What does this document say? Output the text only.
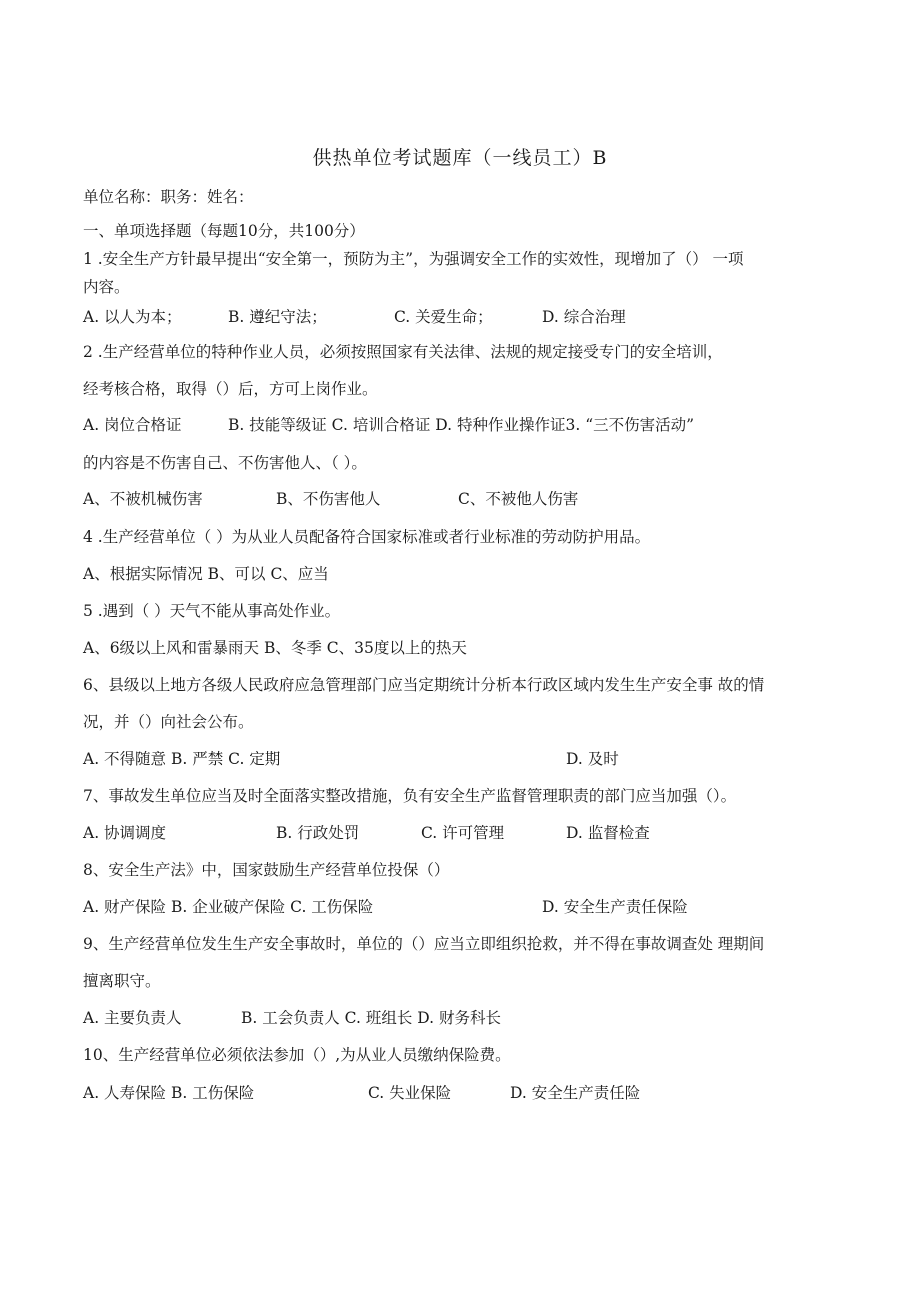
供热单位考试题库（一线员工）B
单位名称：职务：姓名：
一、单项选择题（每题10分，共100分）
1 .安全生产方针最早提出“安全第一，预防为主”，为强调安全工作的实效性，现增加了（） 一项
内容。
A. 以人为本；	B. 遵纪守法；	C. 关爱生命；	D. 综合治理
2 .生产经营单位的特种作业人员，必须按照国家有关法律、法规的规定接受专门的安全培训，
经考核合格，取得（）后，方可上岗作业。
A. 岗位合格证	B. 技能等级证 C. 培训合格证 D. 特种作业操作证3. “三不伤害活动”
的内容是不伤害自己、不伤害他人、（ ）。
A、不被机械伤害	B、不伤害他人	C、不被他人伤害
4 .生产经营单位（ ）为从业人员配备符合国家标准或者行业标准的劳动防护用品。
A、根据实际情况 B、可以 C、应当
5 .遇到（ ）天气不能从事高处作业。
A、6级以上风和雷暴雨天 B、冬季 C、35度以上的热天
6、县级以上地方各级人民政府应急管理部门应当定期统计分析本行政区域内发生生产安全事 故的情
况，并（）向社会公布。
A. 不得随意 B. 严禁 C. 定期	D. 及时
7、事故发生单位应当及时全面落实整改措施，负有安全生产监督管理职责的部门应当加强（）。
A. 协调调度	B. 行政处罚	C. 许可管理	D. 监督检查
8、安全生产法》中，国家鼓励生产经营单位投保（）
A. 财产保险 B. 企业破产保险 C. 工伤保险	D. 安全生产责任保险
9、生产经营单位发生生产安全事故时，单位的（）应当立即组织抢救，并不得在事故调查处 理期间
擅离职守。
A. 主要负责人	B. 工会负责人 C. 班组长 D. 财务科长
10、生产经营单位必须依法参加（）,为从业人员缴纳保险费。
A. 人寿保险 B. 工伤保险	C. 失业保险	D. 安全生产责任险
